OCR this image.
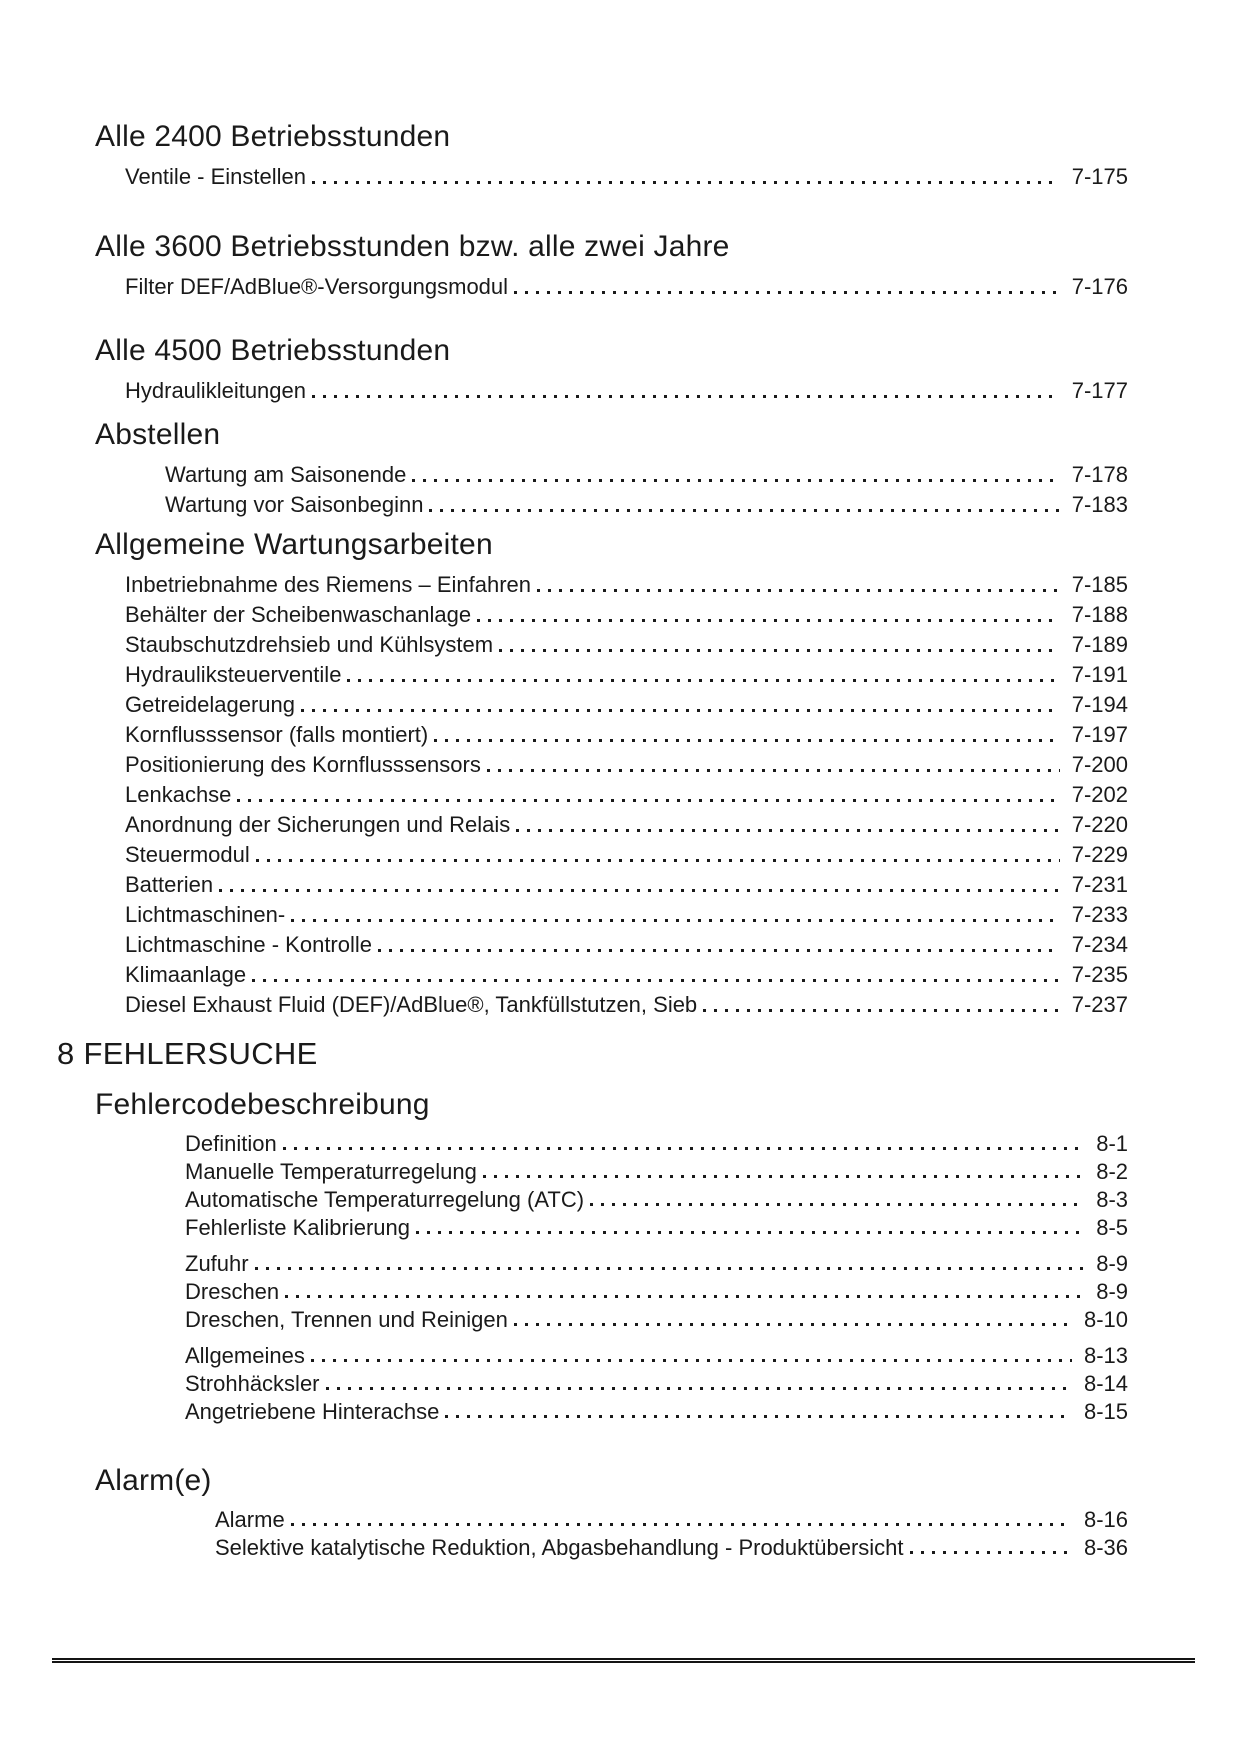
Alle 2400 Betriebsstunden
Ventile - Einstellen	7-175
Alle 3600 Betriebsstunden bzw. alle zwei Jahre
Filter DEF/AdBlue®-Versorgungsmodul	7-176
Alle 4500 Betriebsstunden
Hydraulikleitungen	7-177
Abstellen
Wartung am Saisonende	7-178
Wartung vor Saisonbeginn	7-183
Allgemeine Wartungsarbeiten
Inbetriebnahme des Riemens – Einfahren	7-185
Behälter der Scheibenwaschanlage	7-188
Staubschutzdrehsieb und Kühlsystem	7-189
Hydrauliksteuerventile	7-191
Getreidelagerung	7-194
Kornflusssensor (falls montiert)	7-197
Positionierung des Kornflusssensors	7-200
Lenkachse	7-202
Anordnung der Sicherungen und Relais	7-220
Steuermodul	7-229
Batterien	7-231
Lichtmaschinen-	7-233
Lichtmaschine - Kontrolle	7-234
Klimaanlage	7-235
Diesel Exhaust Fluid (DEF)/AdBlue®, Tankfüllstutzen, Sieb	7-237
8 FEHLERSUCHE
Fehlercodebeschreibung
Definition	8-1
Manuelle Temperaturregelung	8-2
Automatische Temperaturregelung (ATC)	8-3
Fehlerliste Kalibrierung	8-5
Zufuhr	8-9
Dreschen	8-9
Dreschen, Trennen und Reinigen	8-10
Allgemeines	8-13
Strohhäcksler	8-14
Angetriebene Hinterachse	8-15
Alarm(e)
Alarme	8-16
Selektive katalytische Reduktion, Abgasbehandlung - Produktübersicht	8-36
